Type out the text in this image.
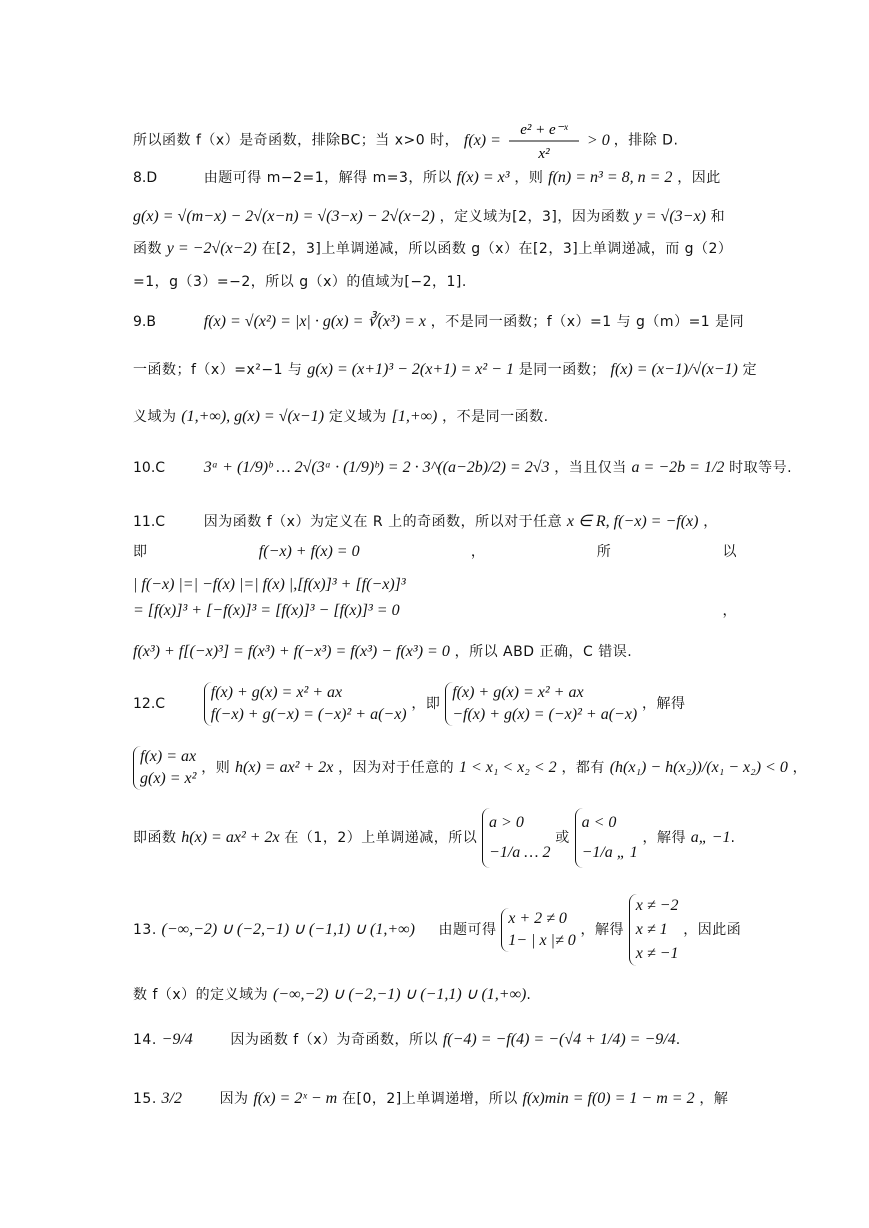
所以函数 f（x）是奇函数，排除BC；当 x>0 时， f(x) =
e² + e⁻ˣ
x²
> 0 ，排除 D.
8.D	由题可得 m−2=1，解得 m=3，所以 f(x) = x³ ，则 f(n) = n³ = 8, n = 2 ，因此
g(x) = √(m−x) − 2√(x−n) = √(3−x) − 2√(x−2) ，定义域为[2，3]，因为函数 y = √(3−x) 和
函数 y = −2√(x−2) 在[2，3]上单调递减，所以函数 g（x）在[2，3]上单调递减，而 g（2）
=1，g（3）=−2，所以 g（x）的值域为[−2，1].
9.B	f(x) = √(x²) = |x| · g(x) = ∛(x³) = x ，不是同一函数；f（x）=1 与 g（m）=1 是同
一函数；f（x）=x²−1 与 g(x) = (x+1)³ − 2(x+1) = x² − 1 是同一函数； f(x) = (x−1)/√(x−1) 定
义域为 (1,+∞), g(x) = √(x−1) 定义域为 [1,+∞) ，不是同一函数.
10.C 3ᵃ + (1/9)ᵇ … 2√(3ᵃ · (1/9)ᵇ) = 2 · 3^((a−2b)/2) = 2√3 ，当且仅当 a = −2b = 1/2 时取等号.
11.C	因为函数 f（x）为定义在 R 上的奇函数，所以对于任意 x ∈ R, f(−x) = −f(x) ，
即	f(−x) + f(x) = 0	，	所	以
| f(−x) |=| −f(x) |=| f(x) |,[f(x)]³ + [f(−x)]³
= [f(x)]³ + [−f(x)]³ = [f(x)]³ − [f(x)]³ = 0	，
f(x³) + f[(−x)³] = f(x³) + f(−x³) = f(x³) − f(x³) = 0 ，所以 ABD 正确，C 错误.
12.C
f(x) + g(x) = x² + ax
f(−x) + g(−x) = (−x)² + a(−x)
，即
f(x) + g(x) = x² + ax
−f(x) + g(x) = (−x)² + a(−x)
，解得
f(x) = ax
g(x) = x²
，则 h(x) = ax² + 2x ，因为对于任意的 1 < x₁ < x₂ < 2 ，都有 (h(x₁) − h(x₂))/(x₁ − x₂) < 0 ，
即函数 h(x) = ax² + 2x 在（1，2）上单调递减，所以
a > 0
−1/a … 2
或
a < 0
−1/a „ 1
，解得 a„ −1.
13. (−∞,−2) ∪ (−2,−1) ∪ (−1,1) ∪ (1,+∞) 由题可得
x + 2 ≠ 0
1− | x |≠ 0
，解得
x ≠ −2
x ≠ 1
x ≠ −1
，因此函
数 f（x）的定义域为 (−∞,−2) ∪ (−2,−1) ∪ (−1,1) ∪ (1,+∞).
14. −9/4	因为函数 f（x）为奇函数，所以 f(−4) = −f(4) = −(√4 + 1/4) = −9/4.
15. 3/2	因为 f(x) = 2ˣ − m 在[0，2]上单调递增，所以 f(x)min = f(0) = 1 − m = 2 ，解
